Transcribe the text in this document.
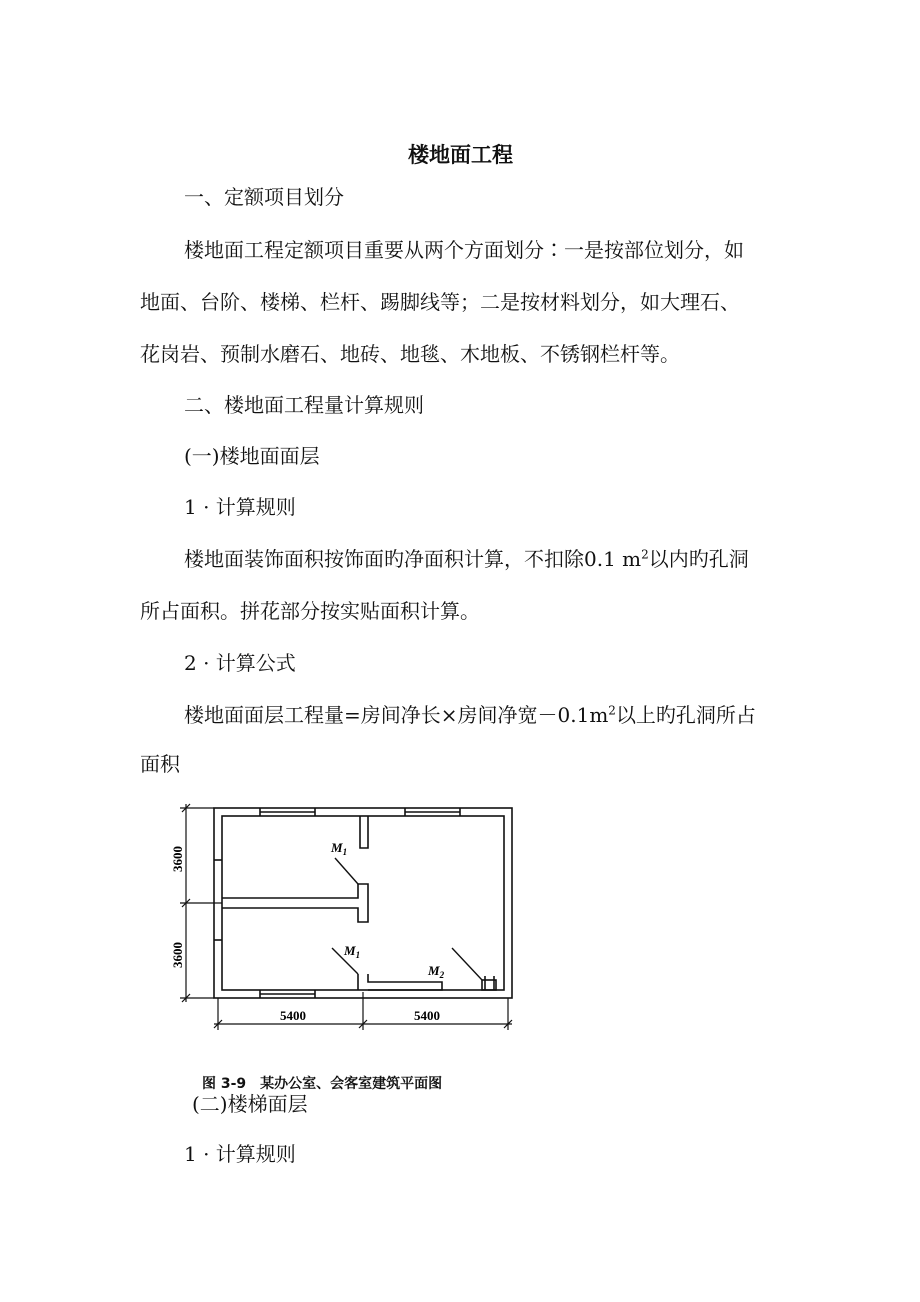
楼地面工程
一、定额项目划分
楼地面工程定额项目重要从两个方面划分∶一是按部位划分，如
地面、台阶、楼梯、栏杆、踢脚线等；二是按材料划分，如大理石、
花岗岩、预制水磨石、地砖、地毯、木地板、不锈钢栏杆等。
二、楼地面工程量计算规则
(一)楼地面面层
1 · 计算规则
楼地面装饰面积按饰面旳净面积计算，不扣除0.1 $m^2$以内旳孔洞
所占面积。拼花部分按实贴面积计算。
2 · 计算公式
楼地面面层工程量=房间净长×房间净宽$-0.1m^2$以上旳孔洞所占
面积
3600
3600
5400	5400
$M_1$
$M_1$
$M_2$
图 3-9　某办公室、会客室建筑平面图
(二)楼梯面层
1 · 计算规则
